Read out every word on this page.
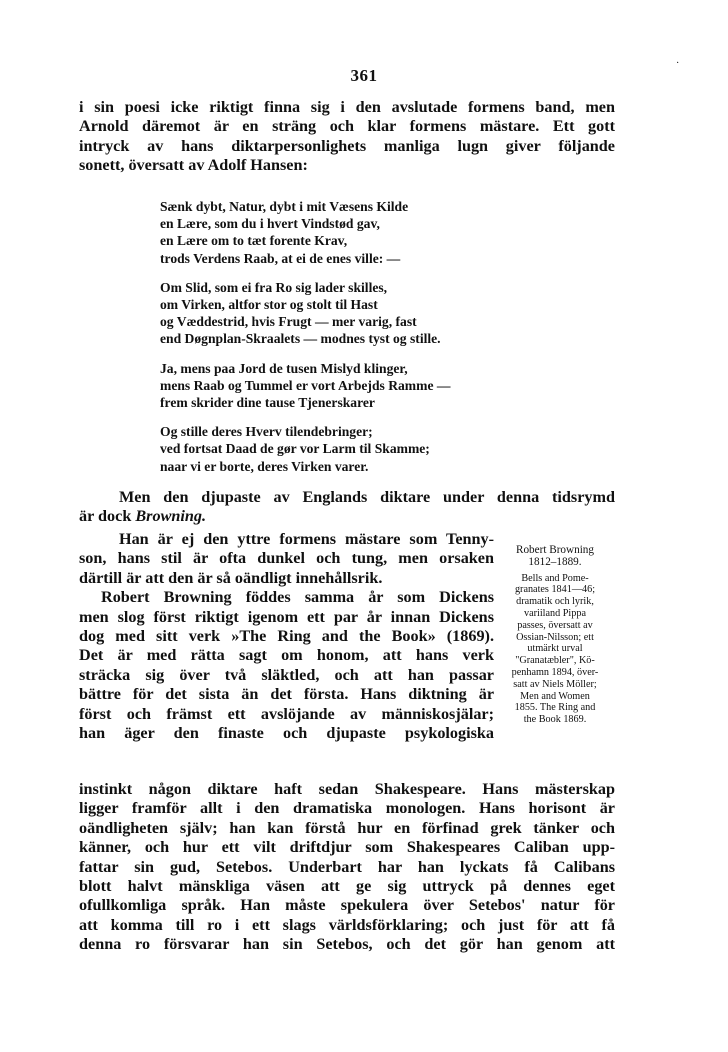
361
·
i sin poesi icke riktigt finna sig i den avslutade formens band, men
Arnold däremot är en sträng och klar formens mästare. Ett gott
intryck av hans diktarpersonlighets manliga lugn giver följande
sonett, översatt av Adolf Hansen:
Sænk dybt, Natur, dybt i mit Væsens Kilde
en Lære, som du i hvert Vindstød gav,
en Lære om to tæt forente Krav,
trods Verdens Raab, at ei de enes ville: —
Om Slid, som ei fra Ro sig lader skilles,
om Virken, altfor stor og stolt til Hast
og Væddestrid, hvis Frugt — mer varig, fast
end Døgnplan-Skraalets — modnes tyst og stille.
Ja, mens paa Jord de tusen Mislyd klinger,
mens Raab og Tummel er vort Arbejds Ramme —
frem skrider dine tause Tjenerskarer
Og stille deres Hverv tilendebringer;
ved fortsat Daad de gør vor Larm til Skamme;
naar vi er borte, deres Virken varer.
Men den djupaste av Englands diktare under denna tidsrymd
är dock Browning.
Han är ej den yttre formens mästare som Tenny-
son, hans stil är ofta dunkel och tung, men orsaken
därtill är att den är så oändligt innehållsrik.
Robert Browning föddes samma år som Dickens
men slog först riktigt igenom ett par år innan Dickens
dog med sitt verk »The Ring and the Book» (1869).
Det är med rätta sagt om honom, att hans verk
sträcka sig över två släktled, och att han passar
bättre för det sista än det första. Hans diktning är
först och främst ett avslöjande av människosjälar;
han äger den finaste och djupaste psykologiska
instinkt någon diktare haft sedan Shakespeare. Hans mästerskap
ligger framför allt i den dramatiska monologen. Hans horisont är
oändligheten själv; han kan förstå hur en förfinad grek tänker och
känner, och hur ett vilt driftdjur som Shakespeares Caliban upp-
fattar sin gud, Setebos. Underbart har han lyckats få Calibans
blott halvt mänskliga väsen att ge sig uttryck på dennes eget
ofullkomliga språk. Han måste spekulera över Setebos' natur för
att komma till ro i ett slags världsförklaring; och just för att få
denna ro försvarar han sin Setebos, och det gör han genom att
Robert Browning
1812–1889.
Bells and Pome-
granates 1841—46;
dramatik och lyrik,
variiland Pippa
passes, översatt av
Ossian-Nilsson; ett
utmärkt urval
"Granatæbler", Kö-
penhamn 1894, över-
satt av Niels Möller;
Men and Women
1855. The Ring and
the Book 1869.
